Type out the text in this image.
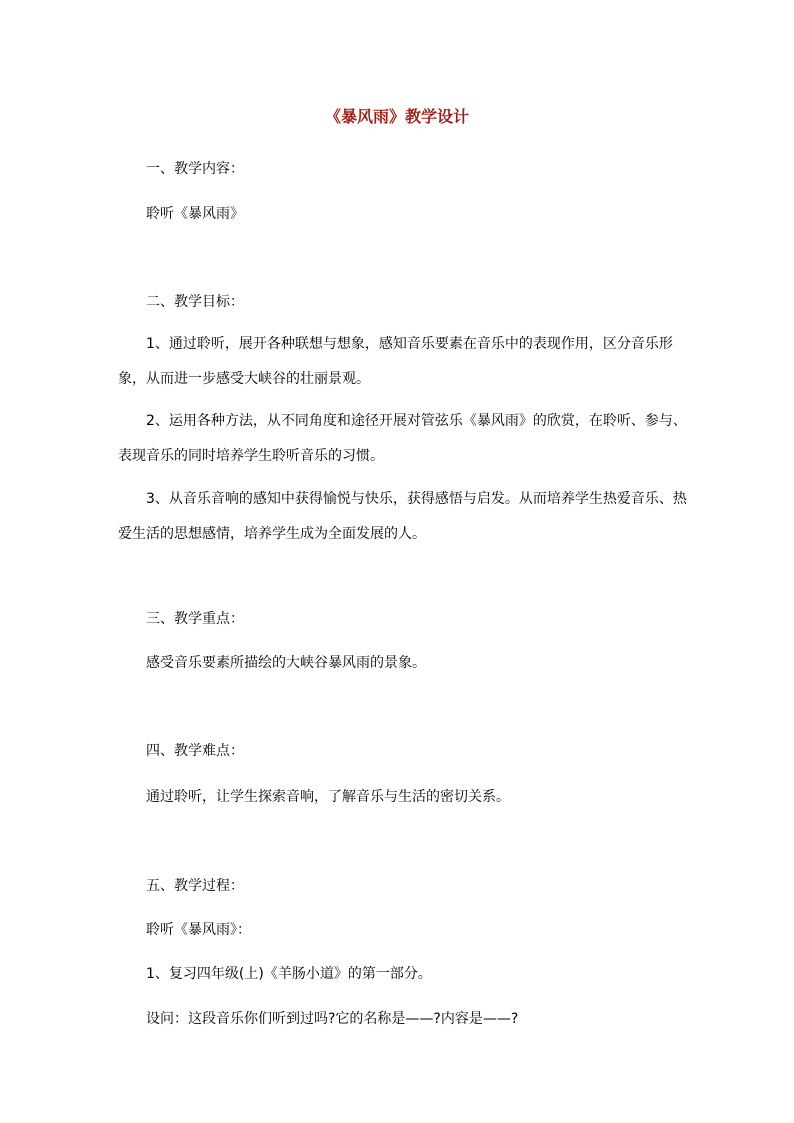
《暴风雨》教学设计
一、教学内容：
聆听《暴风雨》
二、教学目标：
1、通过聆听，展开各种联想与想象，感知音乐要素在音乐中的表现作用，区分音乐形象，从而进一步感受大峡谷的壮丽景观。
2、运用各种方法，从不同角度和途径开展对管弦乐《暴风雨》的欣赏，在聆听、参与、表现音乐的同时培养学生聆听音乐的习惯。
3、从音乐音响的感知中获得愉悦与快乐，获得感悟与启发。从而培养学生热爱音乐、热爱生活的思想感情，培养学生成为全面发展的人。
三、教学重点：
感受音乐要素所描绘的大峡谷暴风雨的景象。
四、教学难点：
通过聆听，让学生探索音响，了解音乐与生活的密切关系。
五、教学过程：
聆听《暴风雨》：
1、复习四年级(上)《羊肠小道》的第一部分。
设问：这段音乐你们听到过吗?它的名称是——?内容是——?
